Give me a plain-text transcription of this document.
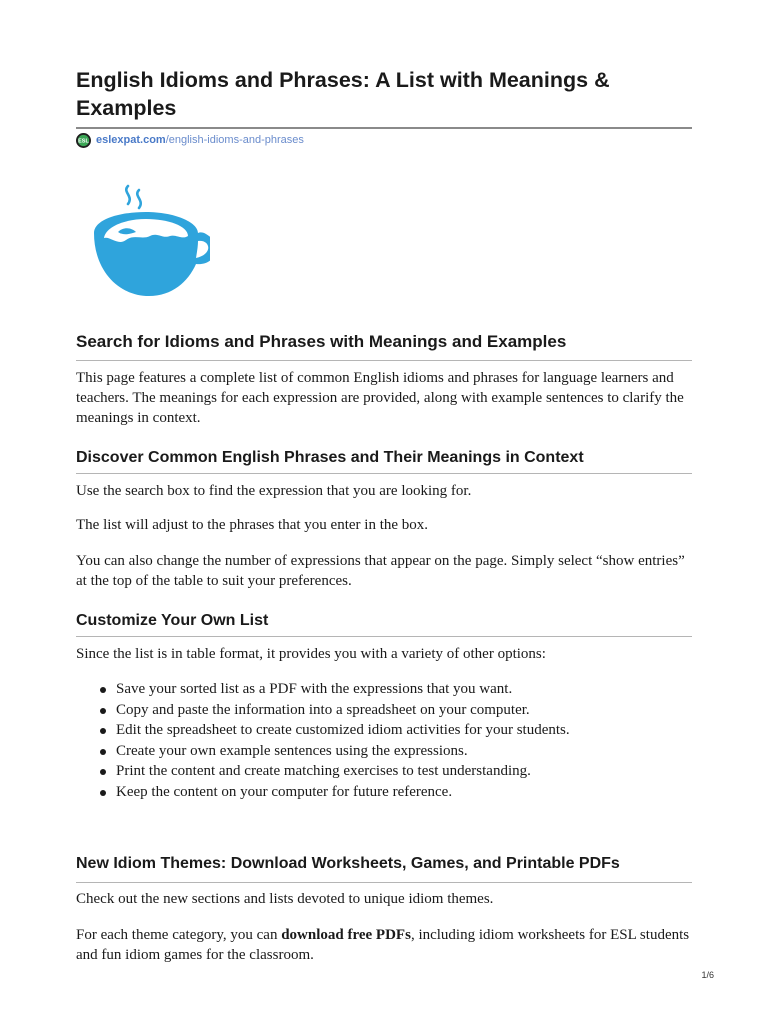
English Idioms and Phrases: A List with Meanings & Examples
ESL eslexpat.com/english-idioms-and-phrases
Search for Idioms and Phrases with Meanings and Examples

This page features a complete list of common English idioms and phrases for language learners and teachers. The meanings for each expression are provided, along with example sentences to clarify the meanings in context.

Discover Common English Phrases and Their Meanings in Context

Use the search box to find the expression that you are looking for.

The list will adjust to the phrases that you enter in the box.

You can also change the number of expressions that appear on the page. Simply select “show entries” at the top of the table to suit your preferences.

Customize Your Own List

Since the list is in table format, it provides you with a variety of other options:

Save your sorted list as a PDF with the expressions that you want.
Copy and paste the information into a spreadsheet on your computer.
Edit the spreadsheet to create customized idiom activities for your students.
Create your own example sentences using the expressions.
Print the content and create matching exercises to test understanding.
Keep the content on your computer for future reference.
New Idiom Themes: Download Worksheets, Games, and Printable PDFs

Check out the new sections and lists devoted to unique idiom themes.

For each theme category, you can download free PDFs, including idiom worksheets for ESL students and fun idiom games for the classroom.

1/6
